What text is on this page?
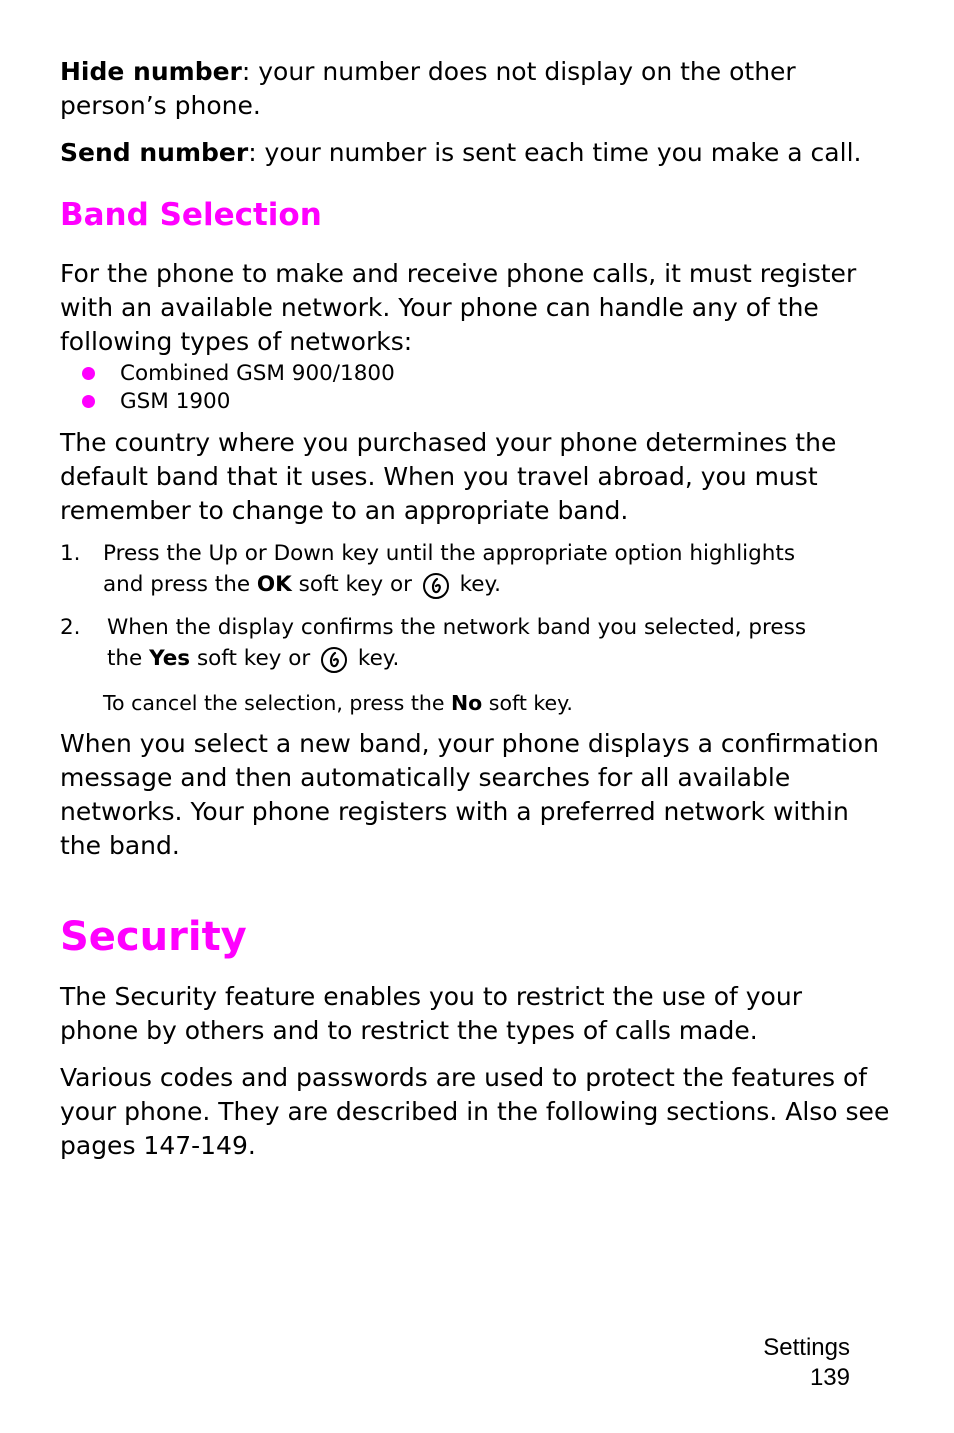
Hide number: your number does not display on the other person’s phone.

Send number: your number is sent each time you make a call.

Band Selection

For the phone to make and receive phone calls, it must register with an available network. Your phone can handle any of the following types of networks:

Combined GSM 900/1800
GSM 1900

The country where you purchased your phone determines the default band that it uses. When you travel abroad, you must remember to change to an appropriate band.

1. Press the Up or Down key until the appropriate option highlights
and press the OK soft key or
key.
2. When the display confirms the network band you selected, press
the Yes soft key or
key.

To cancel the selection, press the No soft key.

When you select a new band, your phone displays a confirmation message and then automatically searches for all available networks. Your phone registers with a preferred network within the band.

Security

The Security feature enables you to restrict the use of your phone by others and to restrict the types of calls made.

Various codes and passwords are used to protect the features of your phone. They are described in the following sections. Also see pages 147-149.

Settings
139
